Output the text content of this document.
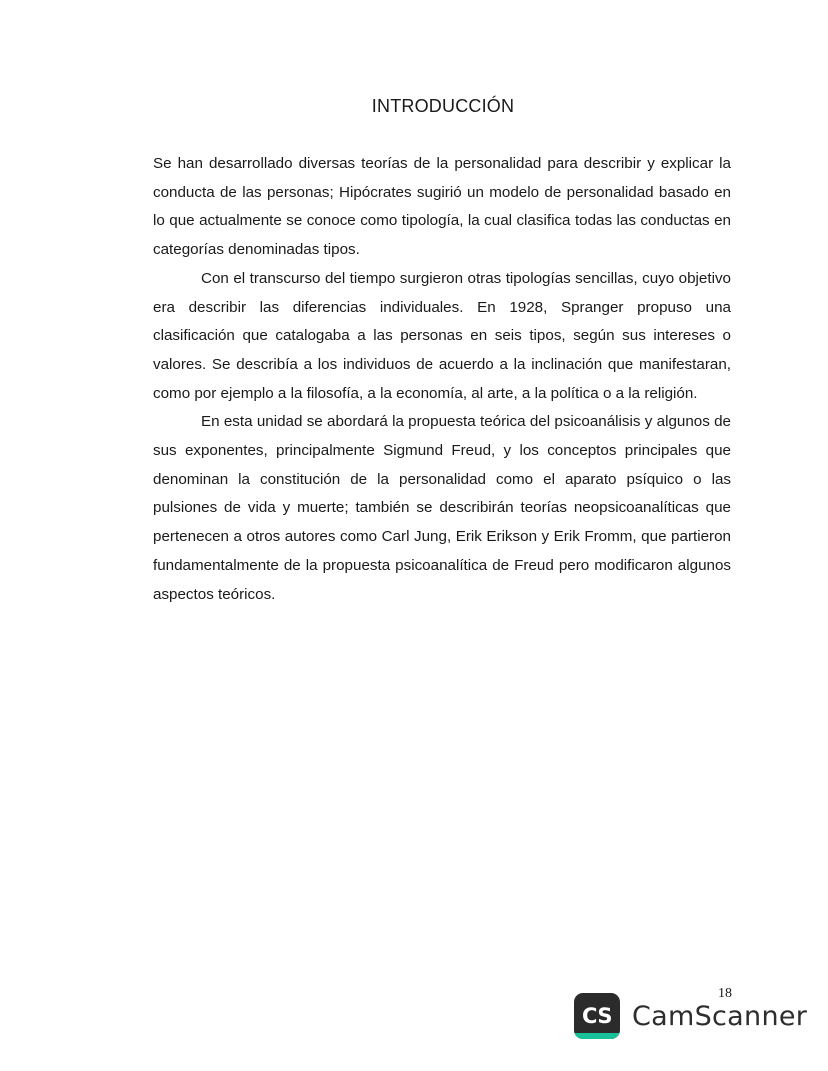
INTRODUCCIÓN

Se han desarrollado diversas teorías de la personalidad para describir y explicar la conducta de las personas; Hipócrates sugirió un modelo de personalidad basado en lo que actualmente se conoce como tipología, la cual clasifica todas las conductas en categorías denominadas tipos.

Con el transcurso del tiempo surgieron otras tipologías sencillas, cuyo objetivo era describir las diferencias individuales. En 1928, Spranger propuso una clasificación que catalogaba a las personas en seis tipos, según sus intereses o valores. Se describía a los individuos de acuerdo a la inclinación que manifestaran, como por ejemplo a la filosofía, a la economía, al arte, a la política o a la religión.

En esta unidad se abordará la propuesta teórica del psicoanálisis y algunos de sus exponentes, principalmente Sigmund Freud, y los conceptos principales que denominan la constitución de la personalidad como el aparato psíquico o las pulsiones de vida y muerte; también se describirán teorías neopsicoanalíticas que pertenecen a otros autores como Carl Jung, Erik Erikson y Erik Fromm, que partieron fundamentalmente de la propuesta psicoanalítica de Freud pero modificaron algunos aspectos teóricos.

18
CS CamScanner
